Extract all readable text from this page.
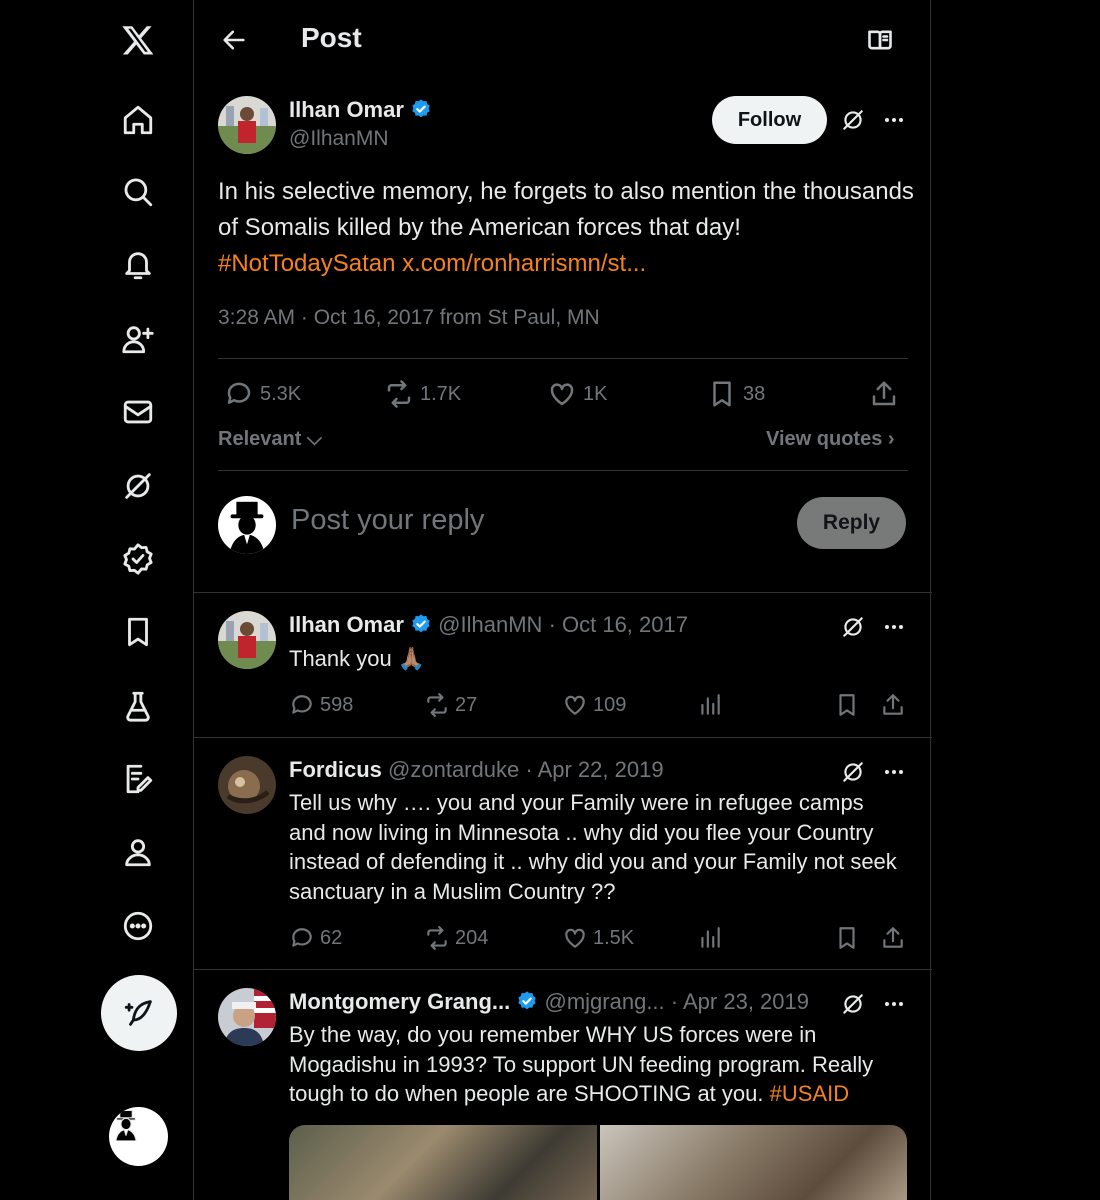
Post
Ilhan Omar
@IlhanMN
Follow
In his selective memory, he forgets to also mention the thousands of Somalis killed by the American forces that day!
#NotTodaySatan x.com/ronharrismn/st...
3:28 AM · Oct 16, 2017 from St Paul, MN
5.3K	1.7K	1K	38
Relevant ⌵	View quotes ›
Post your reply	Reply
Ilhan Omar @IlhanMN · Oct 16, 2017
Thank you 🙏🏽
598	27	109
Fordicus @zontarduke · Apr 22, 2019
Tell us why …. you and your Family were in refugee camps and now living in Minnesota .. why did you flee your Country instead of defending it .. why did you and your Family not seek sanctuary in a Muslim Country ??
62	204	1.5K
Montgomery Grang... @mjgrang... · Apr 23, 2019
By the way, do you remember WHY US forces were in Mogadishu in 1993? To support UN feeding program. Really tough to do when people are SHOOTING at you. #USAID
